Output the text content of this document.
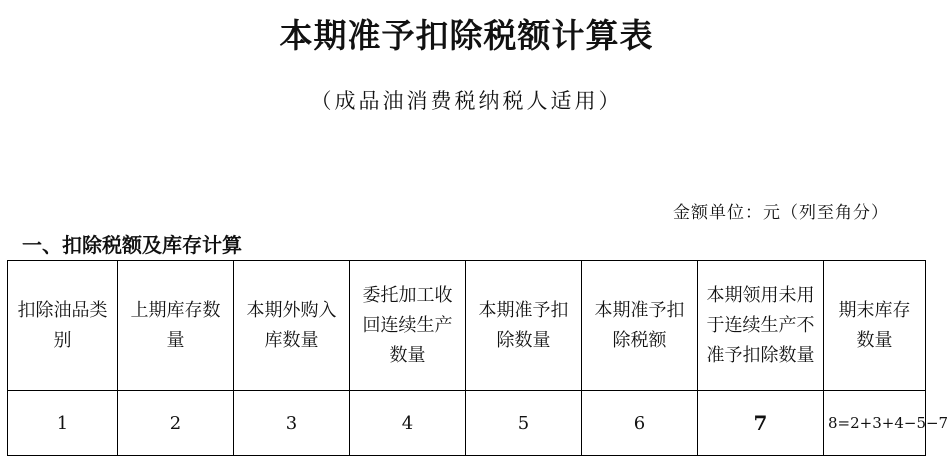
本期准予扣除税额计算表
（成品油消费税纳税人适用）
金额单位：元（列至角分）
一、扣除税额及库存计算
扣除油品类别	上期库存数量	本期外购入库数量	委托加工收回连续生产数量	本期准予扣除数量	本期准予扣除税额	本期领用未用于连续生产不准予扣除数量	期末库存数量
1	2	3	4	5	6	7	8=2+3+4−5−7
